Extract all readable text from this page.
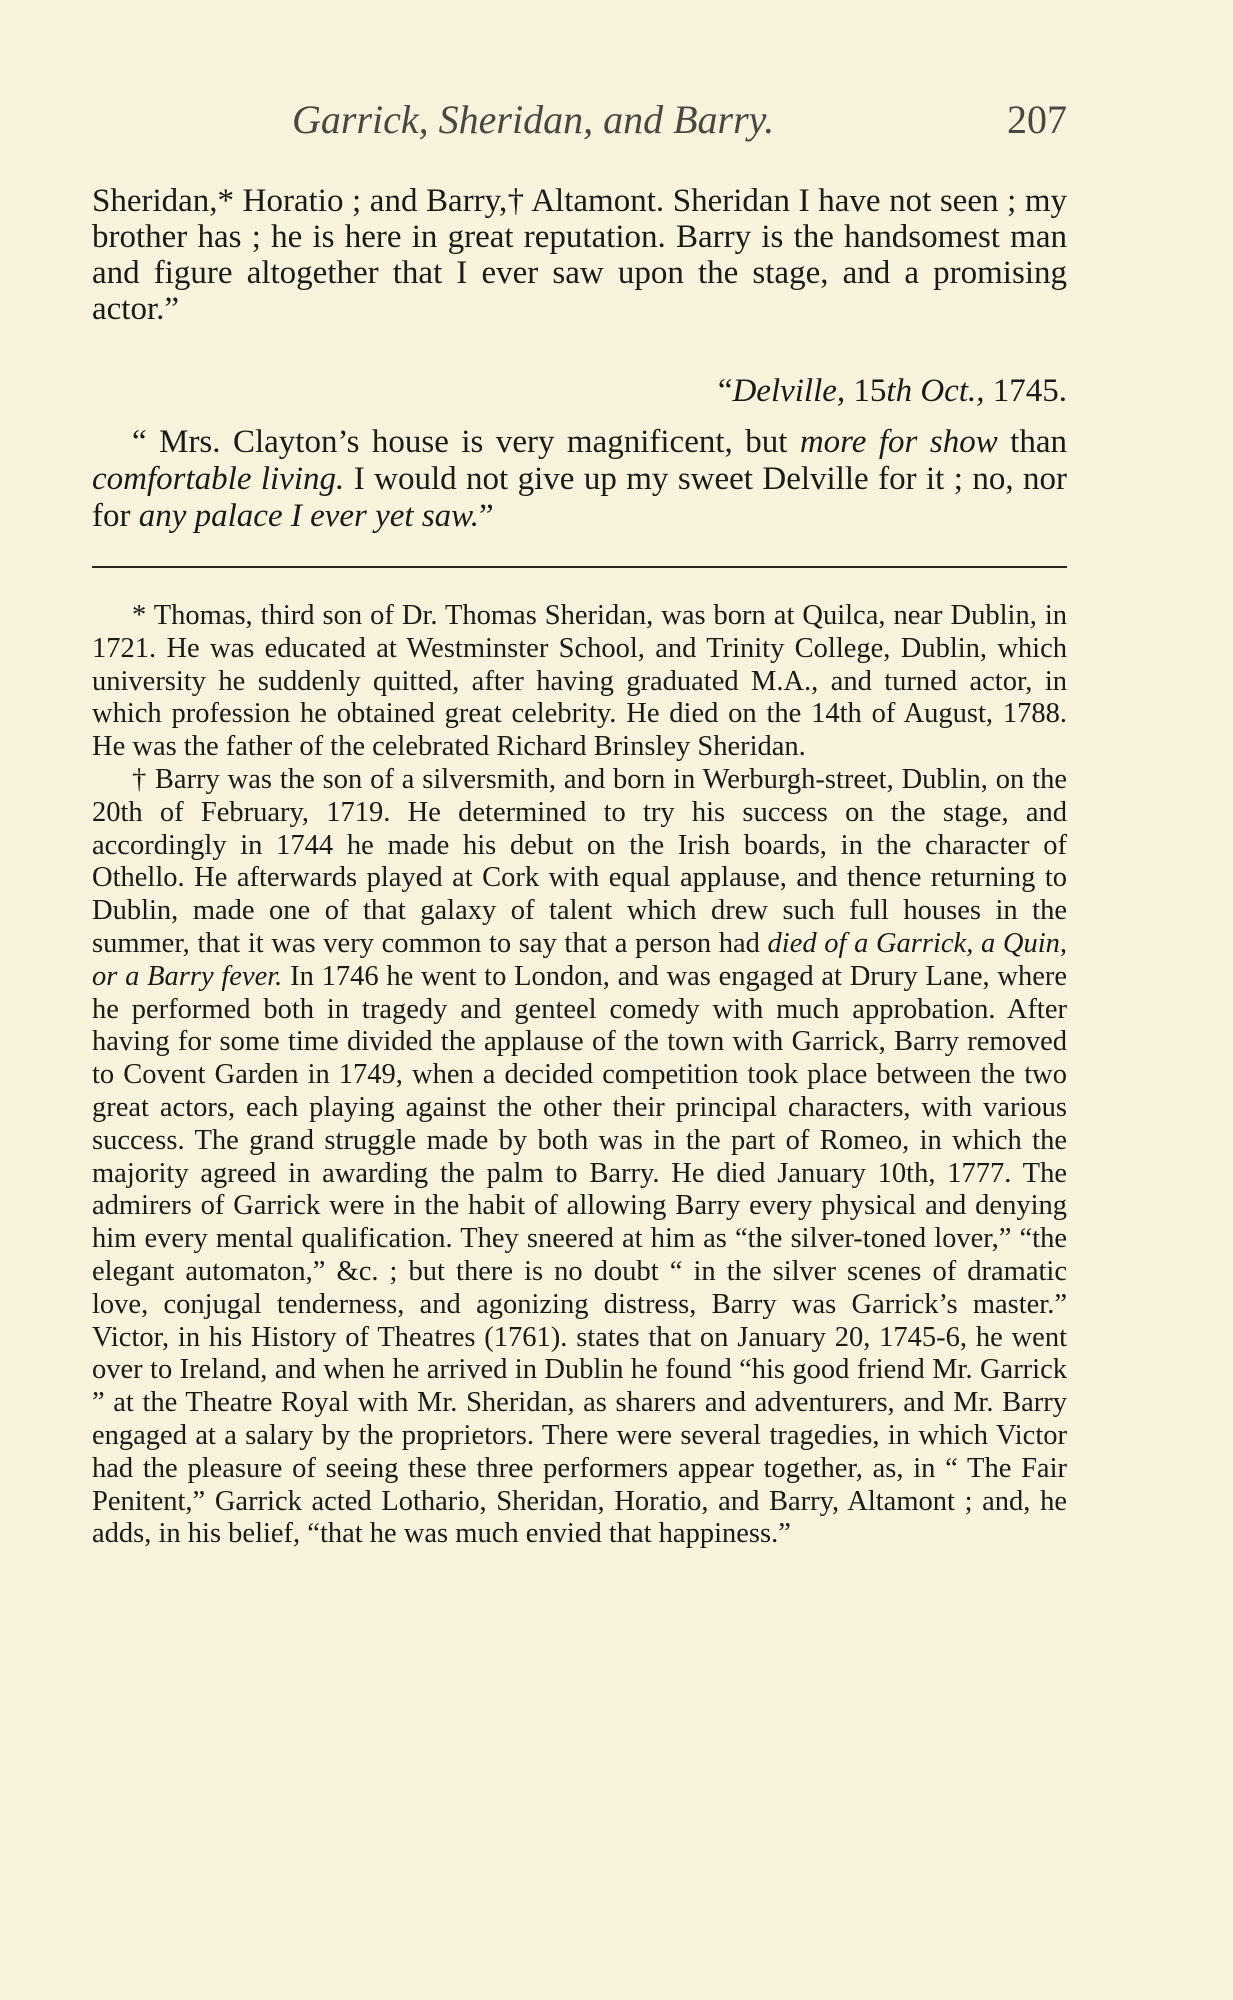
Garrick, Sheridan, and Barry.	207

Sheridan,* Horatio ; and Barry,† Altamont. Sheridan I have not seen ; my brother has ; he is here in great reputation. Barry is the handsomest man and figure altogether that I ever saw upon the stage, and a promising actor.”

“Delville, 15th Oct., 1745.
“ Mrs. Clayton’s house is very magnificent, but more for show than comfortable living. I would not give up my sweet Delville for it ; no, nor for any palace I ever yet saw.”

* Thomas, third son of Dr. Thomas Sheridan, was born at Quilca, near Dublin, in 1721. He was educated at Westminster School, and Trinity College, Dublin, which university he suddenly quitted, after having graduated M.A., and turned actor, in which profession he obtained great celebrity. He died on the 14th of August, 1788. He was the father of the celebrated Richard Brinsley Sheridan.

† Barry was the son of a silversmith, and born in Werburgh-street, Dublin, on the 20th of February, 1719. He determined to try his success on the stage, and accordingly in 1744 he made his debut on the Irish boards, in the character of Othello. He afterwards played at Cork with equal applause, and thence returning to Dublin, made one of that galaxy of talent which drew such full houses in the summer, that it was very common to say that a person had died of a Garrick, a Quin, or a Barry fever. In 1746 he went to London, and was engaged at Drury Lane, where he performed both in tragedy and genteel comedy with much approbation. After having for some time divided the applause of the town with Garrick, Barry removed to Covent Garden in 1749, when a decided competition took place between the two great actors, each playing against the other their principal characters, with various success. The grand struggle made by both was in the part of Romeo, in which the majority agreed in awarding the palm to Barry. He died January 10th, 1777. The admirers of Garrick were in the habit of allowing Barry every physical and denying him every mental qualification. They sneered at him as “the silver-toned lover,” “the elegant automaton,” &c. ; but there is no doubt “ in the silver scenes of dramatic love, conjugal tenderness, and agonizing distress, Barry was Garrick’s master.” Victor, in his History of Theatres (1761). states that on January 20, 1745-6, he went over to Ireland, and when he arrived in Dublin he found “his good friend Mr. Garrick ” at the Theatre Royal with Mr. Sheridan, as sharers and adventurers, and Mr. Barry engaged at a salary by the proprietors. There were several tragedies, in which Victor had the pleasure of seeing these three performers appear together, as, in “ The Fair Penitent,” Garrick acted Lothario, Sheridan, Horatio, and Barry, Altamont ; and, he adds, in his belief, “that he was much envied that happiness.”
